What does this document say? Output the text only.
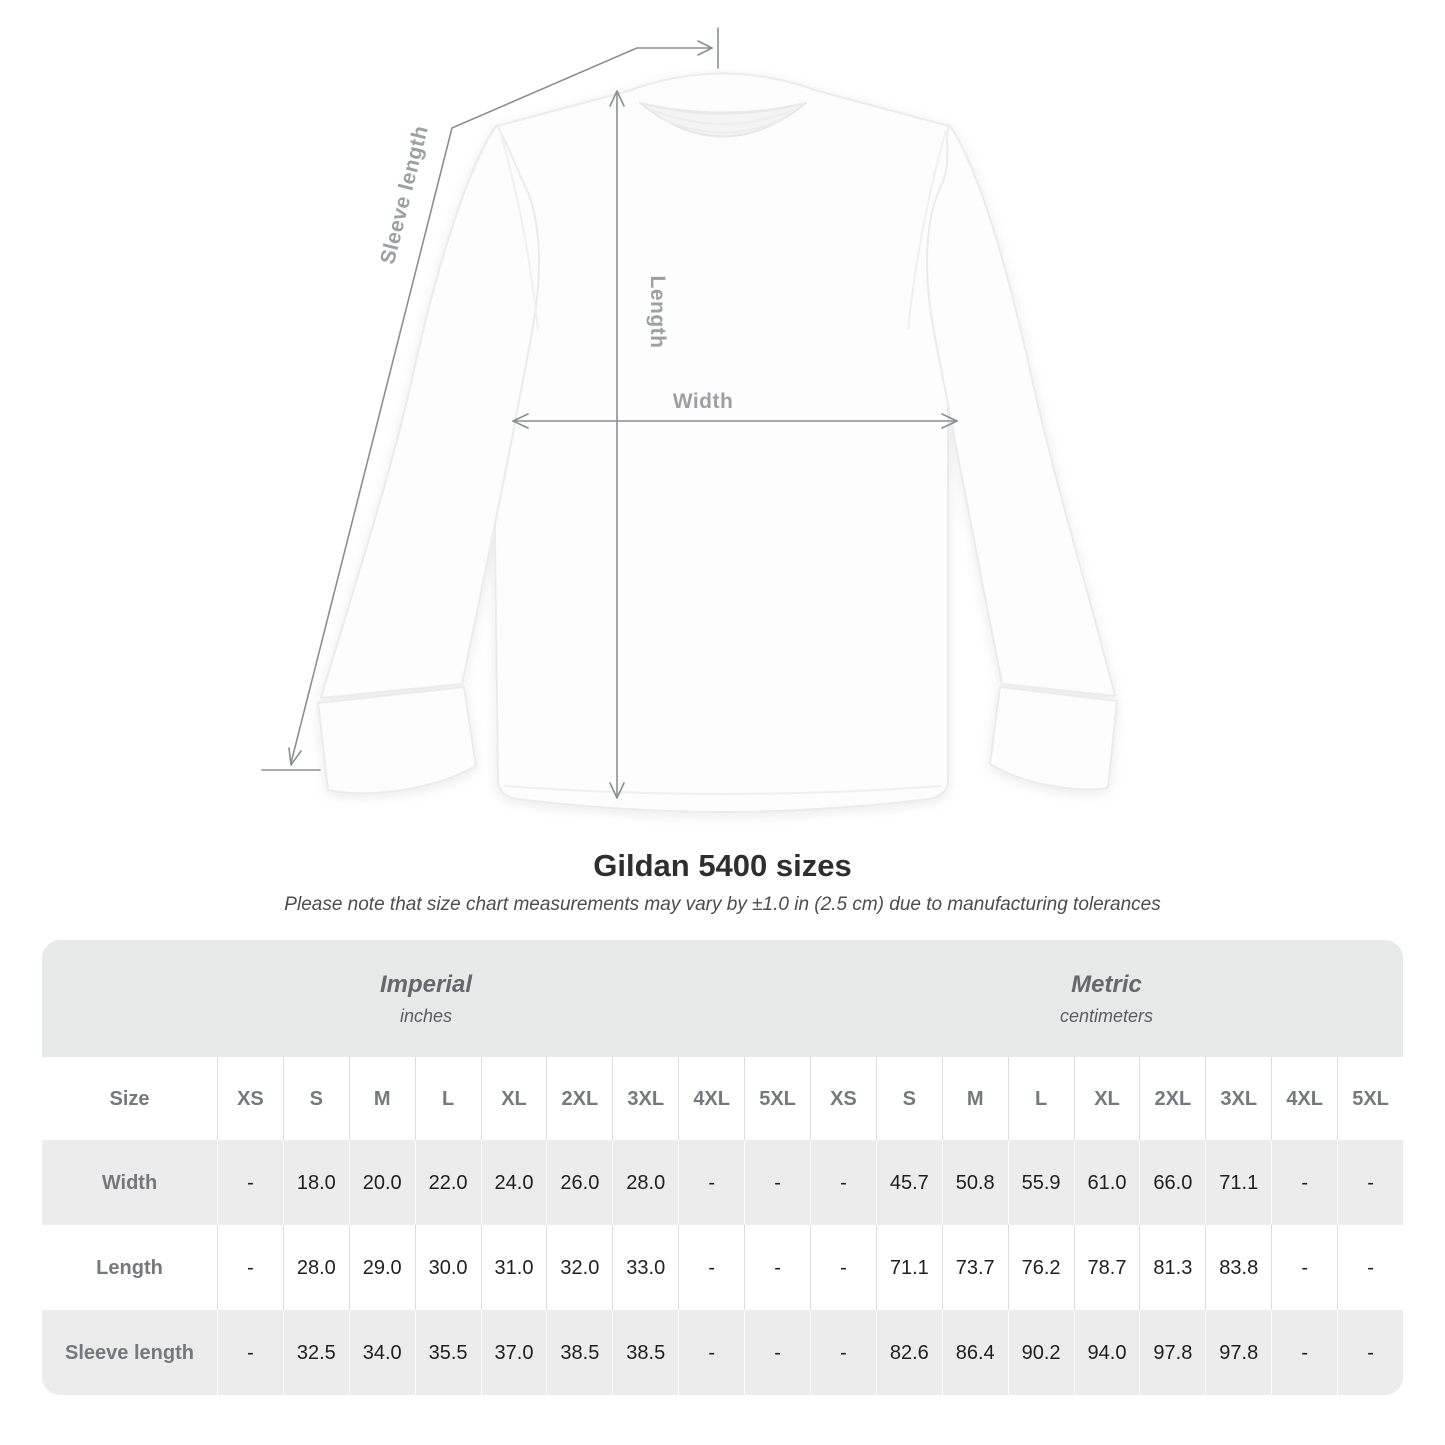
Sleeve length
Length
Width
Gildan 5400 sizes
Please note that size chart measurements may vary by ±1.0 in (2.5 cm) due to manufacturing tolerances
Imperial
inches
Metric
centimeters
Size	XS	S	M	L	XL	2XL	3XL	4XL	5XL	XS	S	M	L	XL	2XL	3XL	4XL	5XL
Width	-	18.0	20.0	22.0	24.0	26.0	28.0	-	-	-	45.7	50.8	55.9	61.0	66.0	71.1	-	-
Length	-	28.0	29.0	30.0	31.0	32.0	33.0	-	-	-	71.1	73.7	76.2	78.7	81.3	83.8	-	-
Sleeve length	-	32.5	34.0	35.5	37.0	38.5	38.5	-	-	-	82.6	86.4	90.2	94.0	97.8	97.8	-	-
